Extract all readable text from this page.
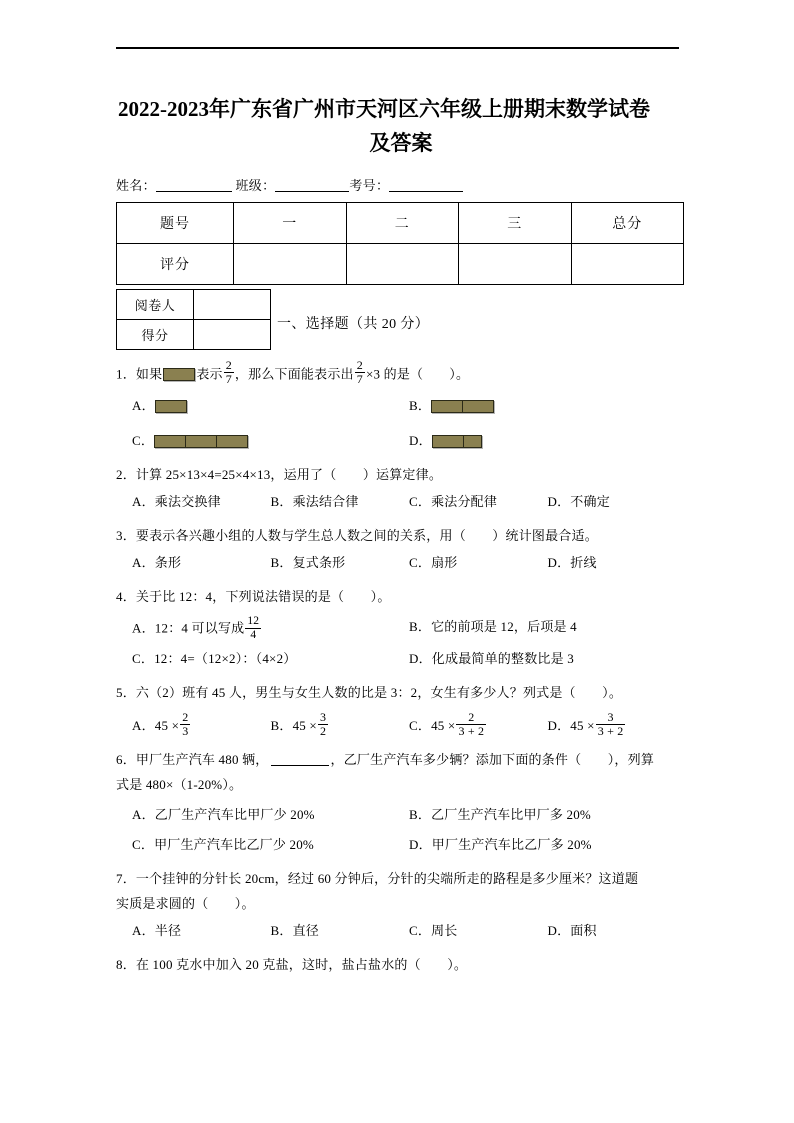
2022-2023年广东省广州市天河区六年级上册期末数学试卷
及答案
姓名：	班级：	考号：
题号	一	二	三	总分
评分				
阅卷人	
得分	
一、选择题（共 20 分）
1．如果	表示 $\frac{2}{7}$ ，那么下面能表示出 $\frac{2}{7} \times 3$ 的是（　　 ）。
A．	B．
C．	D．
2．计算 25×13×4=25×4×13，运用了（　　）运算定律。
A．乘法交换律	B．乘法结合律	C．乘法分配律	D．不确定
3．要表示各兴趣小组的人数与学生总人数之间的关系，用（　　）统计图最合适。
A．条形	B．复式条形	C．扇形	D．折线
4．关于比 12：4，下列说法错误的是（　　）。
A．12：4 可以写成 $\frac{12}{4}$	B．它的前项是 12，后项是 4
C．12：4=（12×2）：（4×2）	D．化成最简单的整数比是 3
5．六（2）班有 45 人，男生与女生人数的比是 3：2，女生有多少人？列式是（　　）。
A．$45 \times \frac{2}{3}$	B．$45 \times \frac{3}{2}$	C．$45 \times \frac{2}{3 + 2}$	D．$45 \times \frac{3}{3 + 2}$
6．甲厂生产汽车 480 辆，	，乙厂生产汽车多少辆？添加下面的条件（　　），列算
式是 480×（1-20%）。
A．乙厂生产汽车比甲厂少 20%	B．乙厂生产汽车比甲厂多 20%
C．甲厂生产汽车比乙厂少 20%	D．甲厂生产汽车比乙厂多 20%
7．一个挂钟的分针长 20cm，经过 60 分钟后，分针的尖端所走的路程是多少厘米？这道题
实质是求圆的（　　）。
A．半径	B．直径	C．周长	D．面积
8．在 100 克水中加入 20 克盐，这时，盐占盐水的（　　）。
